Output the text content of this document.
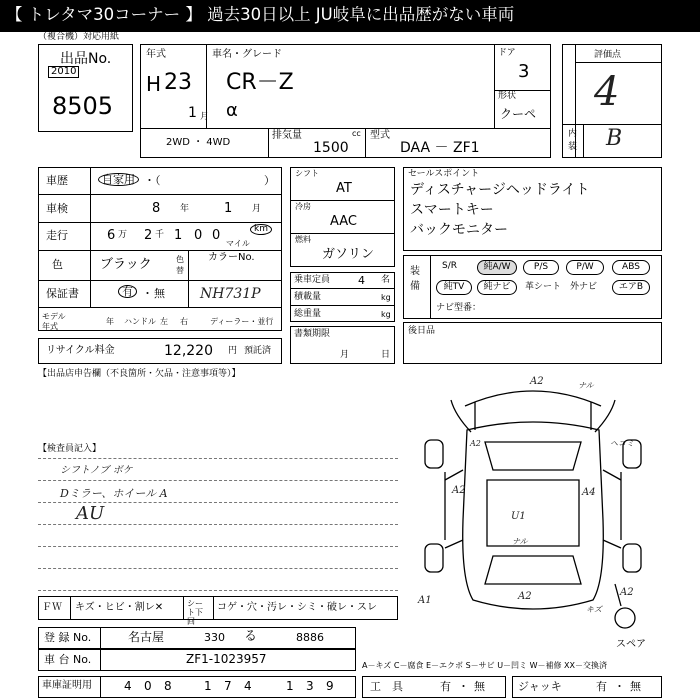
【 トレタマ30コーナー 】 過去30日以上 JU岐阜に出品歴がない車両
（複合機）対応用紙
出品No.
2010
8505
年式
H 23
1 月
車名・グレード
CR－Z
α
ドア
3
形状
クーペ
2WD ・ 4WD
排気量	cc
1500
型式
DAA － ZF1
評価点
4
内装 B
車歴	自家用 ・（	）
車検	8 年	1 月
走行	6 万 2 千 1 0 0	km
マイル
色	ブラック	色替
カラーNo.
NH731P
保証書	有 ・ 無
モデル年式
年 ハンドル 左 右	ディーラー・並行
リサイクル料金	12,220 円 預託済
シフト
AT
冷房
AAC
燃料
ガソリン
乗車定員	4 名
積載量	kg
総重量	kg
書類期限
月	日
セールスポイント
ディスチャージヘッドライト
スマートキー
バックモニター
装備
S/R	純A/W	P/S	P/W	ABS
純TV	純ナビ	革シート 外ナビ	エアB
ナビ型番：
後日品
【出品店申告欄（不良箇所・欠品・注意事項等）】
【検査員記入】
シフトノブ ボケ
Dミラー、ホイール A
AU
A2	ナル
A2	A4
U1
A2	A2
A1
ナル
キズ
A2	ヘコミ
スペア
ＦＷ キズ・ヒビ・割レ✕	シート下回
コゲ・穴・汚レ・シミ・破レ・スレ
登 録 No.	名古屋	330 る	8886
車 台 No.	ZF1-1023957
車庫証明用	4 0 8	1 7 4	1 3 9
A－キズ C－腐食 E－エクボ S－サビ U－凹ミ W－補修 XX－交換済
工　具	有 ・ 無	ジャッキ	有 ・ 無
